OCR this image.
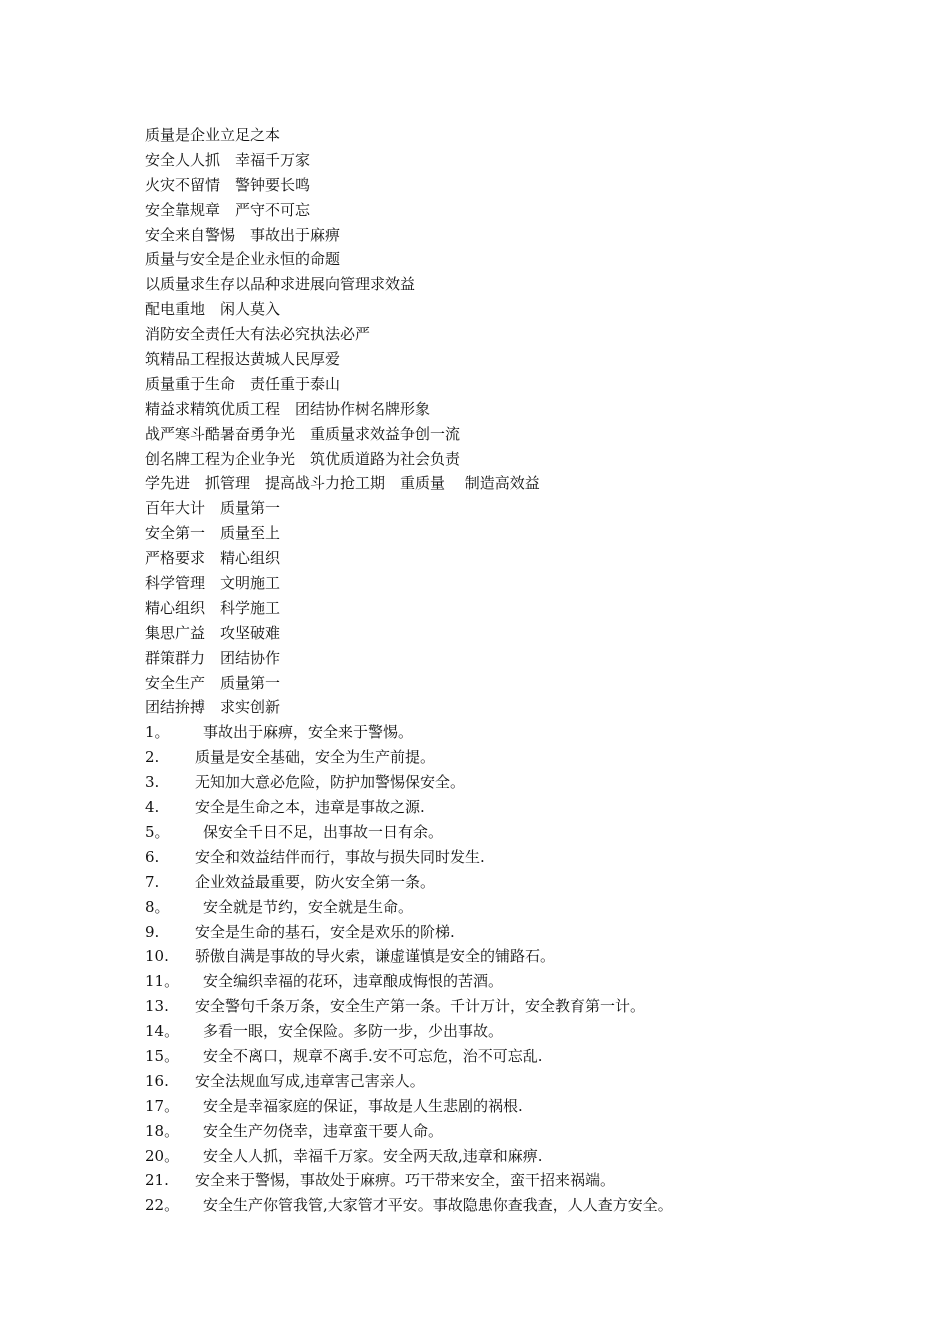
质量是企业立足之本
安全人人抓　幸福千万家
火灾不留情　警钟要长鸣
安全靠规章　严守不可忘
安全来自警惕　事故出于麻痹
质量与安全是企业永恒的命题
以质量求生存以品种求进展向管理求效益
配电重地　闲人莫入
消防安全责任大有法必究执法必严
筑精品工程报达黄城人民厚爱
质量重于生命　责任重于泰山
精益求精筑优质工程　团结协作树名牌形象
战严寒斗酷暑奋勇争光　重质量求效益争创一流
创名牌工程为企业争光　筑优质道路为社会负责
学先进　抓管理　提高战斗力抢工期　重质量　 制造高效益
百年大计　质量第一
安全第一　质量至上
严格要求　精心组织
科学管理　文明施工
精心组织　科学施工
集思广益　攻坚破难
群策群力　团结协作
安全生产　质量第一
团结拚搏　求实创新
1。	事故出于麻痹，安全来于警惕。
2.	质量是安全基础，安全为生产前提。
3.	无知加大意必危险，防护加警惕保安全。
4.	安全是生命之本，违章是事故之源.
5。	保安全千日不足，出事故一日有余。
6.	安全和效益结伴而行，事故与损失同时发生.
7.	企业效益最重要，防火安全第一条。
8。	安全就是节约，安全就是生命。
9.	安全是生命的基石，安全是欢乐的阶梯.
10.	骄傲自满是事故的导火索，谦虚谨慎是安全的铺路石。
11。	安全编织幸福的花环，违章酿成悔恨的苦酒。
13.	安全警句千条万条，安全生产第一条。千计万计，安全教育第一计。
14。	多看一眼，安全保险。多防一步，少出事故。
15。	安全不离口，规章不离手.安不可忘危，治不可忘乱.
16.	安全法规血写成,违章害己害亲人。
17。	安全是幸福家庭的保证，事故是人生悲剧的祸根.
18。	安全生产勿侥幸，违章蛮干要人命。
20。	安全人人抓，幸福千万家。安全两天敌,违章和麻痹.
21.	安全来于警惕，事故处于麻痹。巧干带来安全，蛮干招来祸端。
22。	安全生产你管我管,大家管才平安。事故隐患你查我查，人人查方安全。
